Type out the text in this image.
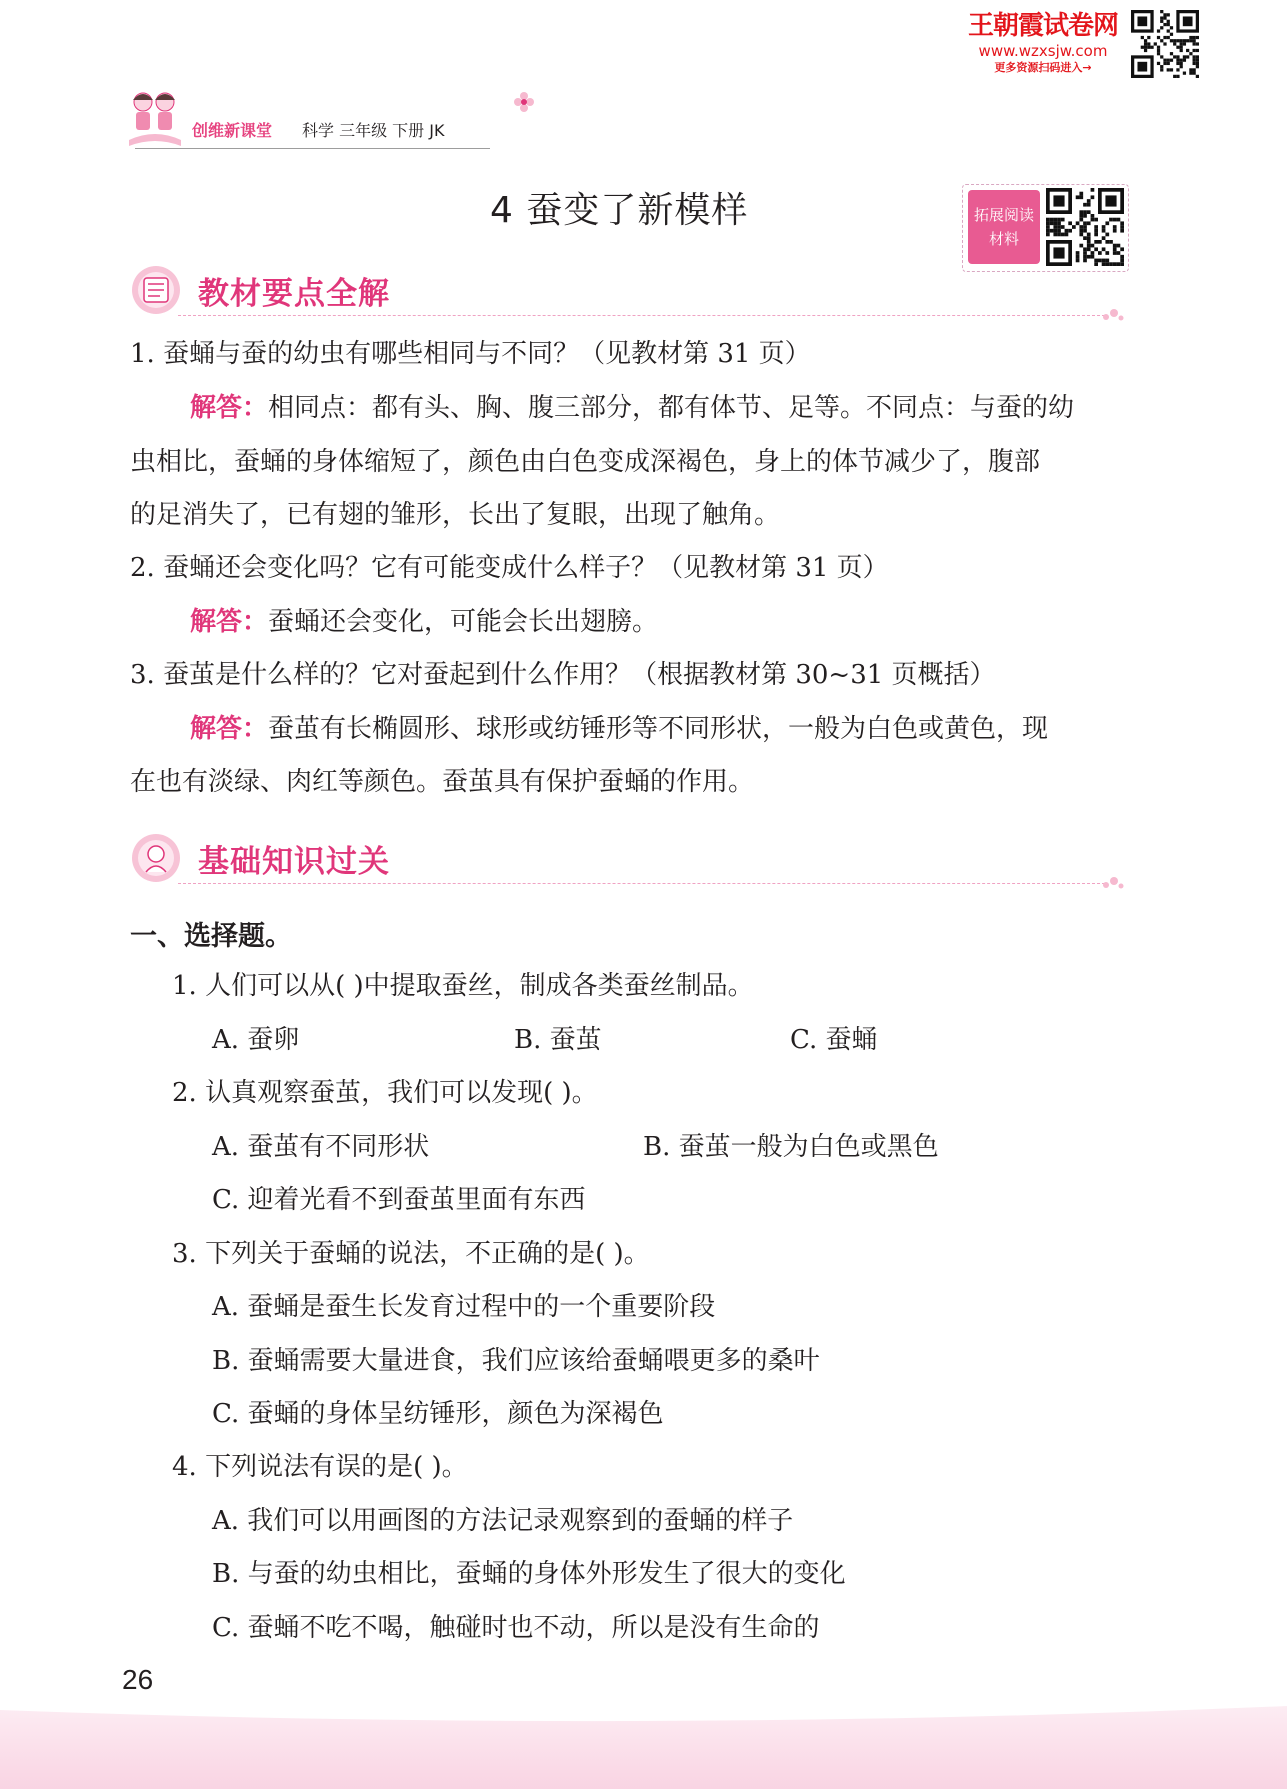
王朝霞试卷网
www.wzxsjw.com
更多资源扫码进入→
创维新课堂 科学 三年级 下册 JK
4 蚕变了新模样	拓展阅读
材料
教材要点全解
1. 蚕蛹与蚕的幼虫有哪些相同与不同？（见教材第 31 页）
解答：相同点：都有头、胸、腹三部分，都有体节、足等。不同点：与蚕的幼
虫相比，蚕蛹的身体缩短了，颜色由白色变成深褐色，身上的体节减少了，腹部
的足消失了，已有翅的雏形，长出了复眼，出现了触角。
2. 蚕蛹还会变化吗？它有可能变成什么样子？（见教材第 31 页）
解答：蚕蛹还会变化，可能会长出翅膀。
3. 蚕茧是什么样的？它对蚕起到什么作用？（根据教材第 30~31 页概括）
解答：蚕茧有长椭圆形、球形或纺锤形等不同形状，一般为白色或黄色，现
在也有淡绿、肉红等颜色。蚕茧具有保护蚕蛹的作用。
基础知识过关
一、选择题。
1. 人们可以从( )中提取蚕丝，制成各类蚕丝制品。
A. 蚕卵	B. 蚕茧	C. 蚕蛹
2. 认真观察蚕茧，我们可以发现( )。
A. 蚕茧有不同形状	B. 蚕茧一般为白色或黑色
C. 迎着光看不到蚕茧里面有东西
3. 下列关于蚕蛹的说法，不正确的是( )。
A. 蚕蛹是蚕生长发育过程中的一个重要阶段
B. 蚕蛹需要大量进食，我们应该给蚕蛹喂更多的桑叶
C. 蚕蛹的身体呈纺锤形，颜色为深褐色
4. 下列说法有误的是( )。
A. 我们可以用画图的方法记录观察到的蚕蛹的样子
B. 与蚕的幼虫相比，蚕蛹的身体外形发生了很大的变化
C. 蚕蛹不吃不喝，触碰时也不动，所以是没有生命的
26
